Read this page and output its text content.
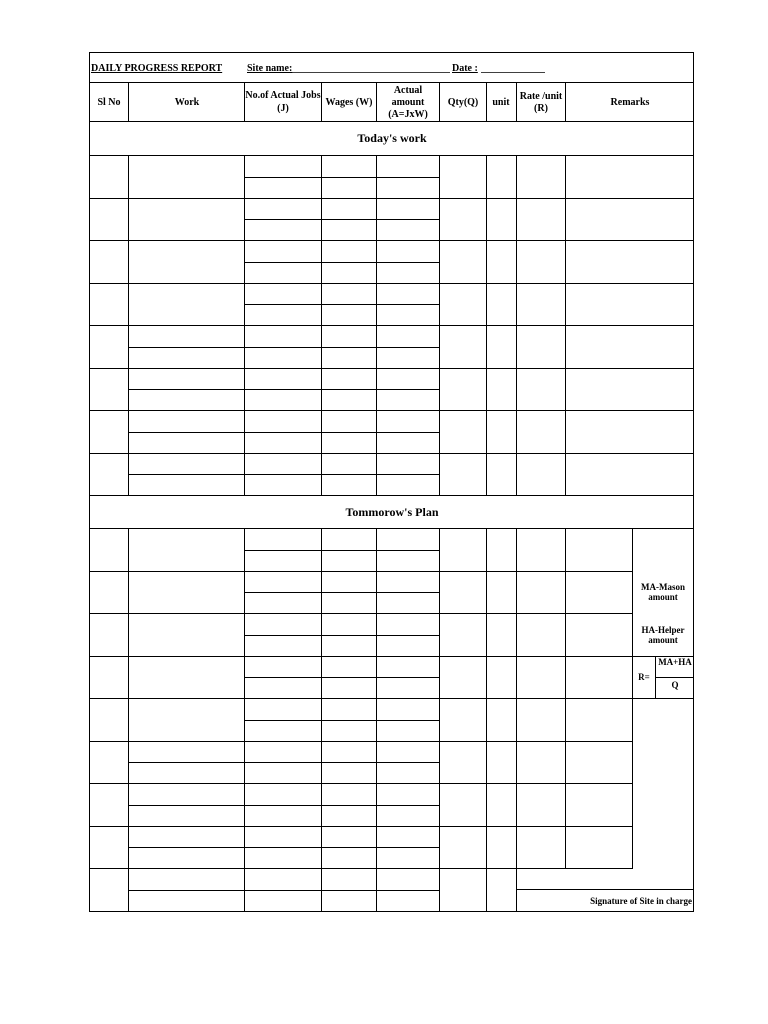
DAILY PROGRESS REPORT Site name:	Date :
Sl No	Work
No.of Actual Jobs
(J)
Wages (W)
Actual
amount
(A=JxW)
Qty(Q) unit
Rate /unit
(R)
Remarks
Today's work
Tommorow's Plan
MA-Mason
amount
HA-Helper
amount
R=
MA+HA
Q
Signature of Site in charge
